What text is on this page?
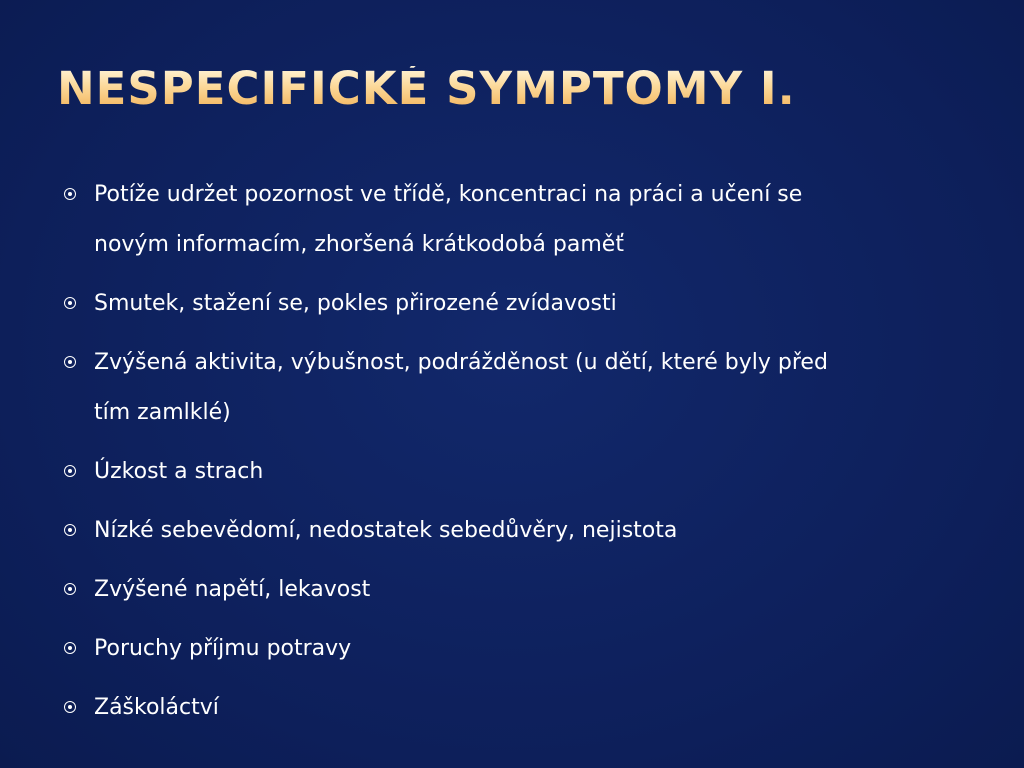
NESPECIFICKÉ SYMPTOMY I.
Potíže udržet pozornost ve třídě, koncentraci na práci a učení se novým informacím, zhoršená krátkodobá paměť
Smutek, stažení se, pokles přirozené zvídavosti
Zvýšená aktivita, výbušnost, podrážděnost (u dětí, které byly před tím zamlklé)
Úzkost a strach
Nízké sebevědomí, nedostatek sebedůvěry, nejistota
Zvýšené napětí, lekavost
Poruchy příjmu potravy
Záškoláctví
